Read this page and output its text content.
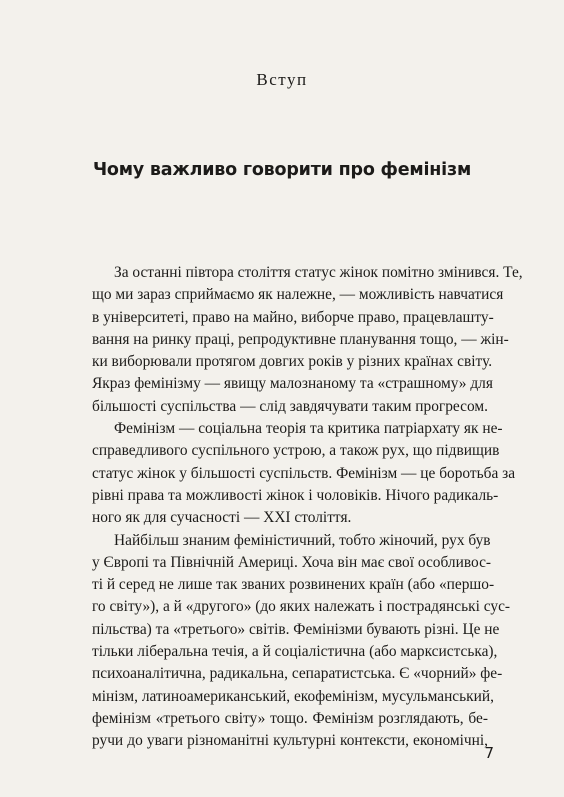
Вступ
Чому важливо говорити про фемінізм
За останні півтора століття статус жінок помітно змінився. Те,
що ми зараз сприймаємо як належне, — можливість навчатися
в університеті, право на майно, виборче право, працевлашту-
вання на ринку праці, репродуктивне планування тощо, — жін-
ки виборювали протягом довгих років у різних країнах світу.
Якраз фемінізму — явищу малознаному та «страшному» для
більшості суспільства — слід завдячувати таким прогресом.
Фемінізм — соціальна теорія та критика патріархату як не-
справедливого суспільного устрою, а також рух, що підвищив
статус жінок у більшості суспільств. Фемінізм — це боротьба за
рівні права та можливості жінок і чоловіків. Нічого радикаль-
ного як для сучасності — XXI століття.
Найбільш знаним феміністичний, тобто жіночий, рух був
у Європі та Північній Америці. Хоча він має свої особливос-
ті й серед не лише так званих розвинених країн (або «першо-
го світу»), а й «другого» (до яких належать і пострадянські сус-
пільства) та «третього» світів. Фемінізми бувають різні. Це не
тільки ліберальна течія, а й соціалістична (або марксистська),
психоаналітична, радикальна, сепаратистська. Є «чорний» фе-
мінізм, латиноамериканський, екофемінізм, мусульманський,
фемінізм «третього світу» тощо. Фемінізм розглядають, бе-
ручи до уваги різноманітні культурні контексти, економічні,
7
